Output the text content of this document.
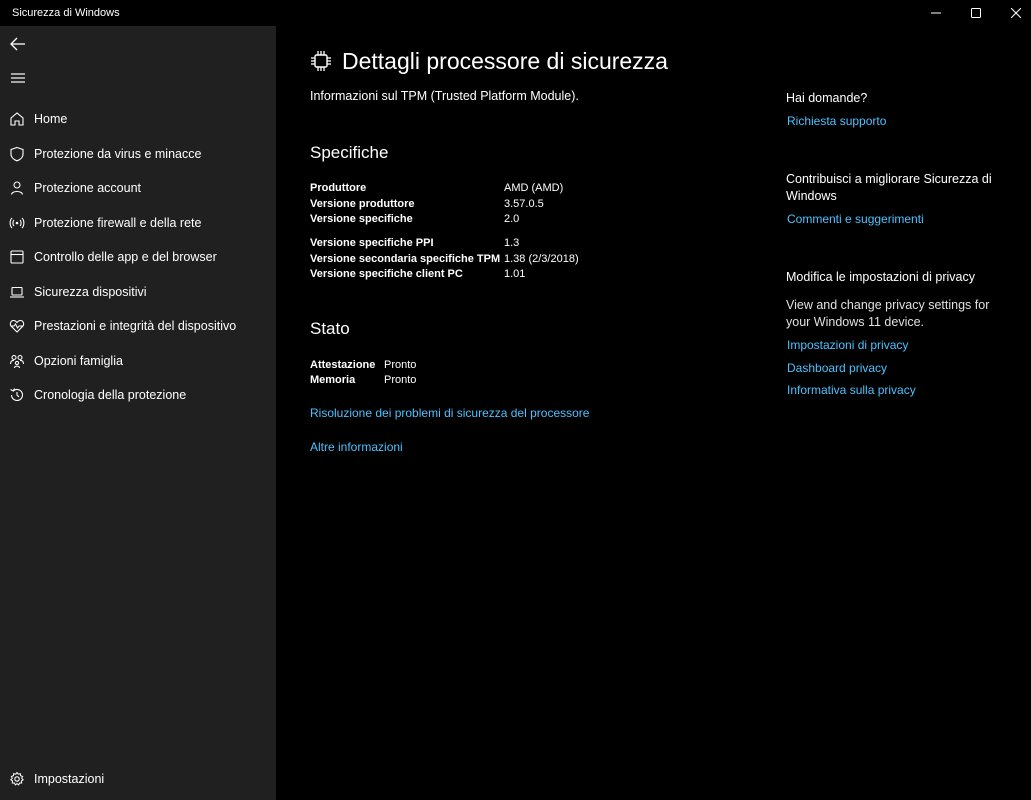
Sicurezza di Windows
Home
Protezione da virus e minacce
Protezione account
Protezione firewall e della rete
Controllo delle app e del browser
Sicurezza dispositivi
Prestazioni e integrità del dispositivo
Opzioni famiglia
Cronologia della protezione
Impostazioni
Dettagli processore di sicurezza
Informazioni sul TPM (Trusted Platform Module).
Specifiche
Produttore	AMD (AMD)
Versione produttore	3.57.0.5
Versione specifiche	2.0
Versione specifiche PPI	1.3
Versione secondaria specifiche TPM 1.38 (2/3/2018)
Versione specifiche client PC	1.01
Stato
Attestazione Pronto
Memoria	Pronto
Risoluzione dei problemi di sicurezza del processore
Altre informazioni
Hai domande?
Richiesta supporto
Contribuisci a migliorare Sicurezza di Windows
Commenti e suggerimenti
Modifica le impostazioni di privacy
View and change privacy settings for your Windows 11 device.
Impostazioni di privacy
Dashboard privacy
Informativa sulla privacy
